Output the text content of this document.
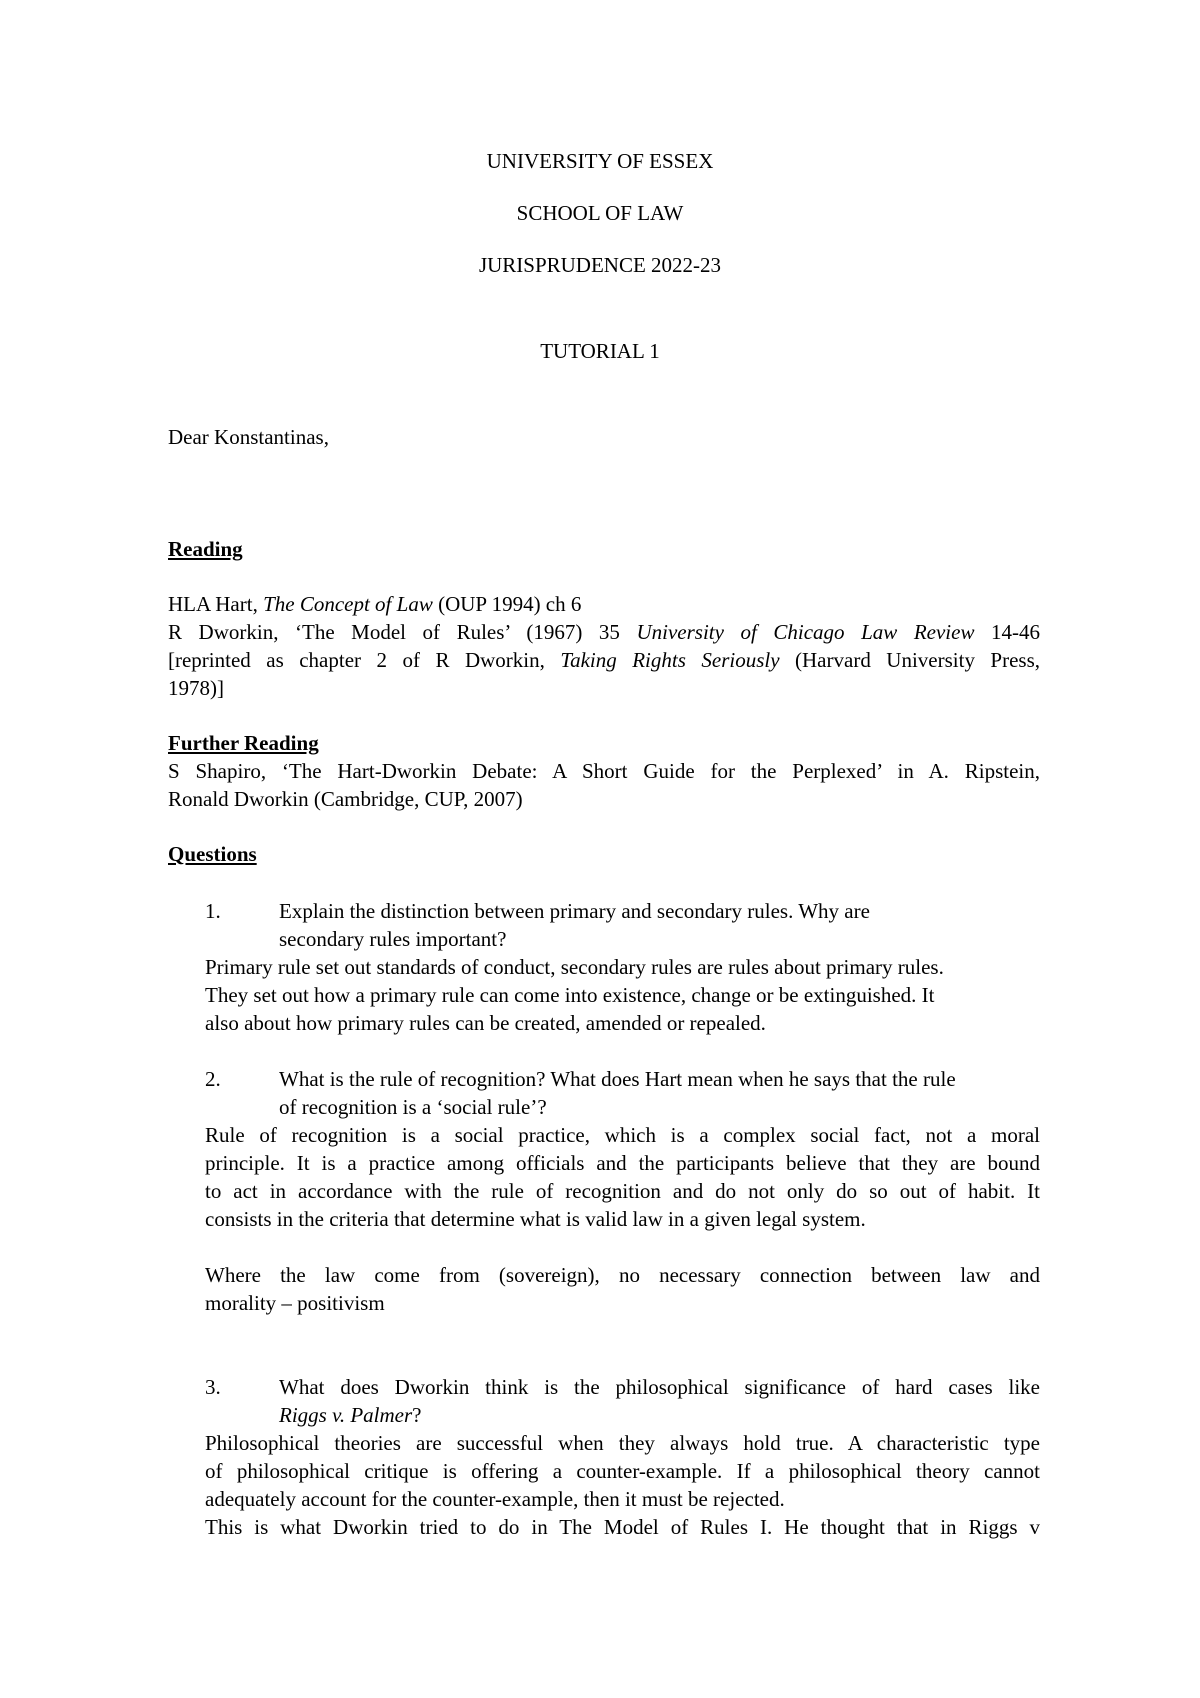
UNIVERSITY OF ESSEX
SCHOOL OF LAW
JURISPRUDENCE 2022-23
TUTORIAL 1
Dear Konstantinas,
Reading
HLA Hart, The Concept of Law (OUP 1994) ch 6
R Dworkin, ‘The Model of Rules’ (1967) 35 University of Chicago Law Review 14-46
[reprinted as chapter 2 of R Dworkin, Taking Rights Seriously (Harvard University Press,
1978)]
Further Reading
S Shapiro, ‘The Hart-Dworkin Debate: A Short Guide for the Perplexed’ in A. Ripstein,
Ronald Dworkin (Cambridge, CUP, 2007)
Questions
1.	Explain the distinction between primary and secondary rules. Why are
secondary rules important?
Primary rule set out standards of conduct, secondary rules are rules about primary rules.
They set out how a primary rule can come into existence, change or be extinguished. It
also about how primary rules can be created, amended or repealed.
2.	What is the rule of recognition? What does Hart mean when he says that the rule
of recognition is a ‘social rule’?
Rule of recognition is a social practice, which is a complex social fact, not a moral
principle. It is a practice among officials and the participants believe that they are bound
to act in accordance with the rule of recognition and do not only do so out of habit. It
consists in the criteria that determine what is valid law in a given legal system.
Where the law come from (sovereign), no necessary connection between law and
morality – positivism
3.	What does Dworkin think is the philosophical significance of hard cases like
Riggs v. Palmer?
Philosophical theories are successful when they always hold true. A characteristic type
of philosophical critique is offering a counter-example. If a philosophical theory cannot
adequately account for the counter-example, then it must be rejected.
This is what Dworkin tried to do in The Model of Rules I. He thought that in Riggs v
